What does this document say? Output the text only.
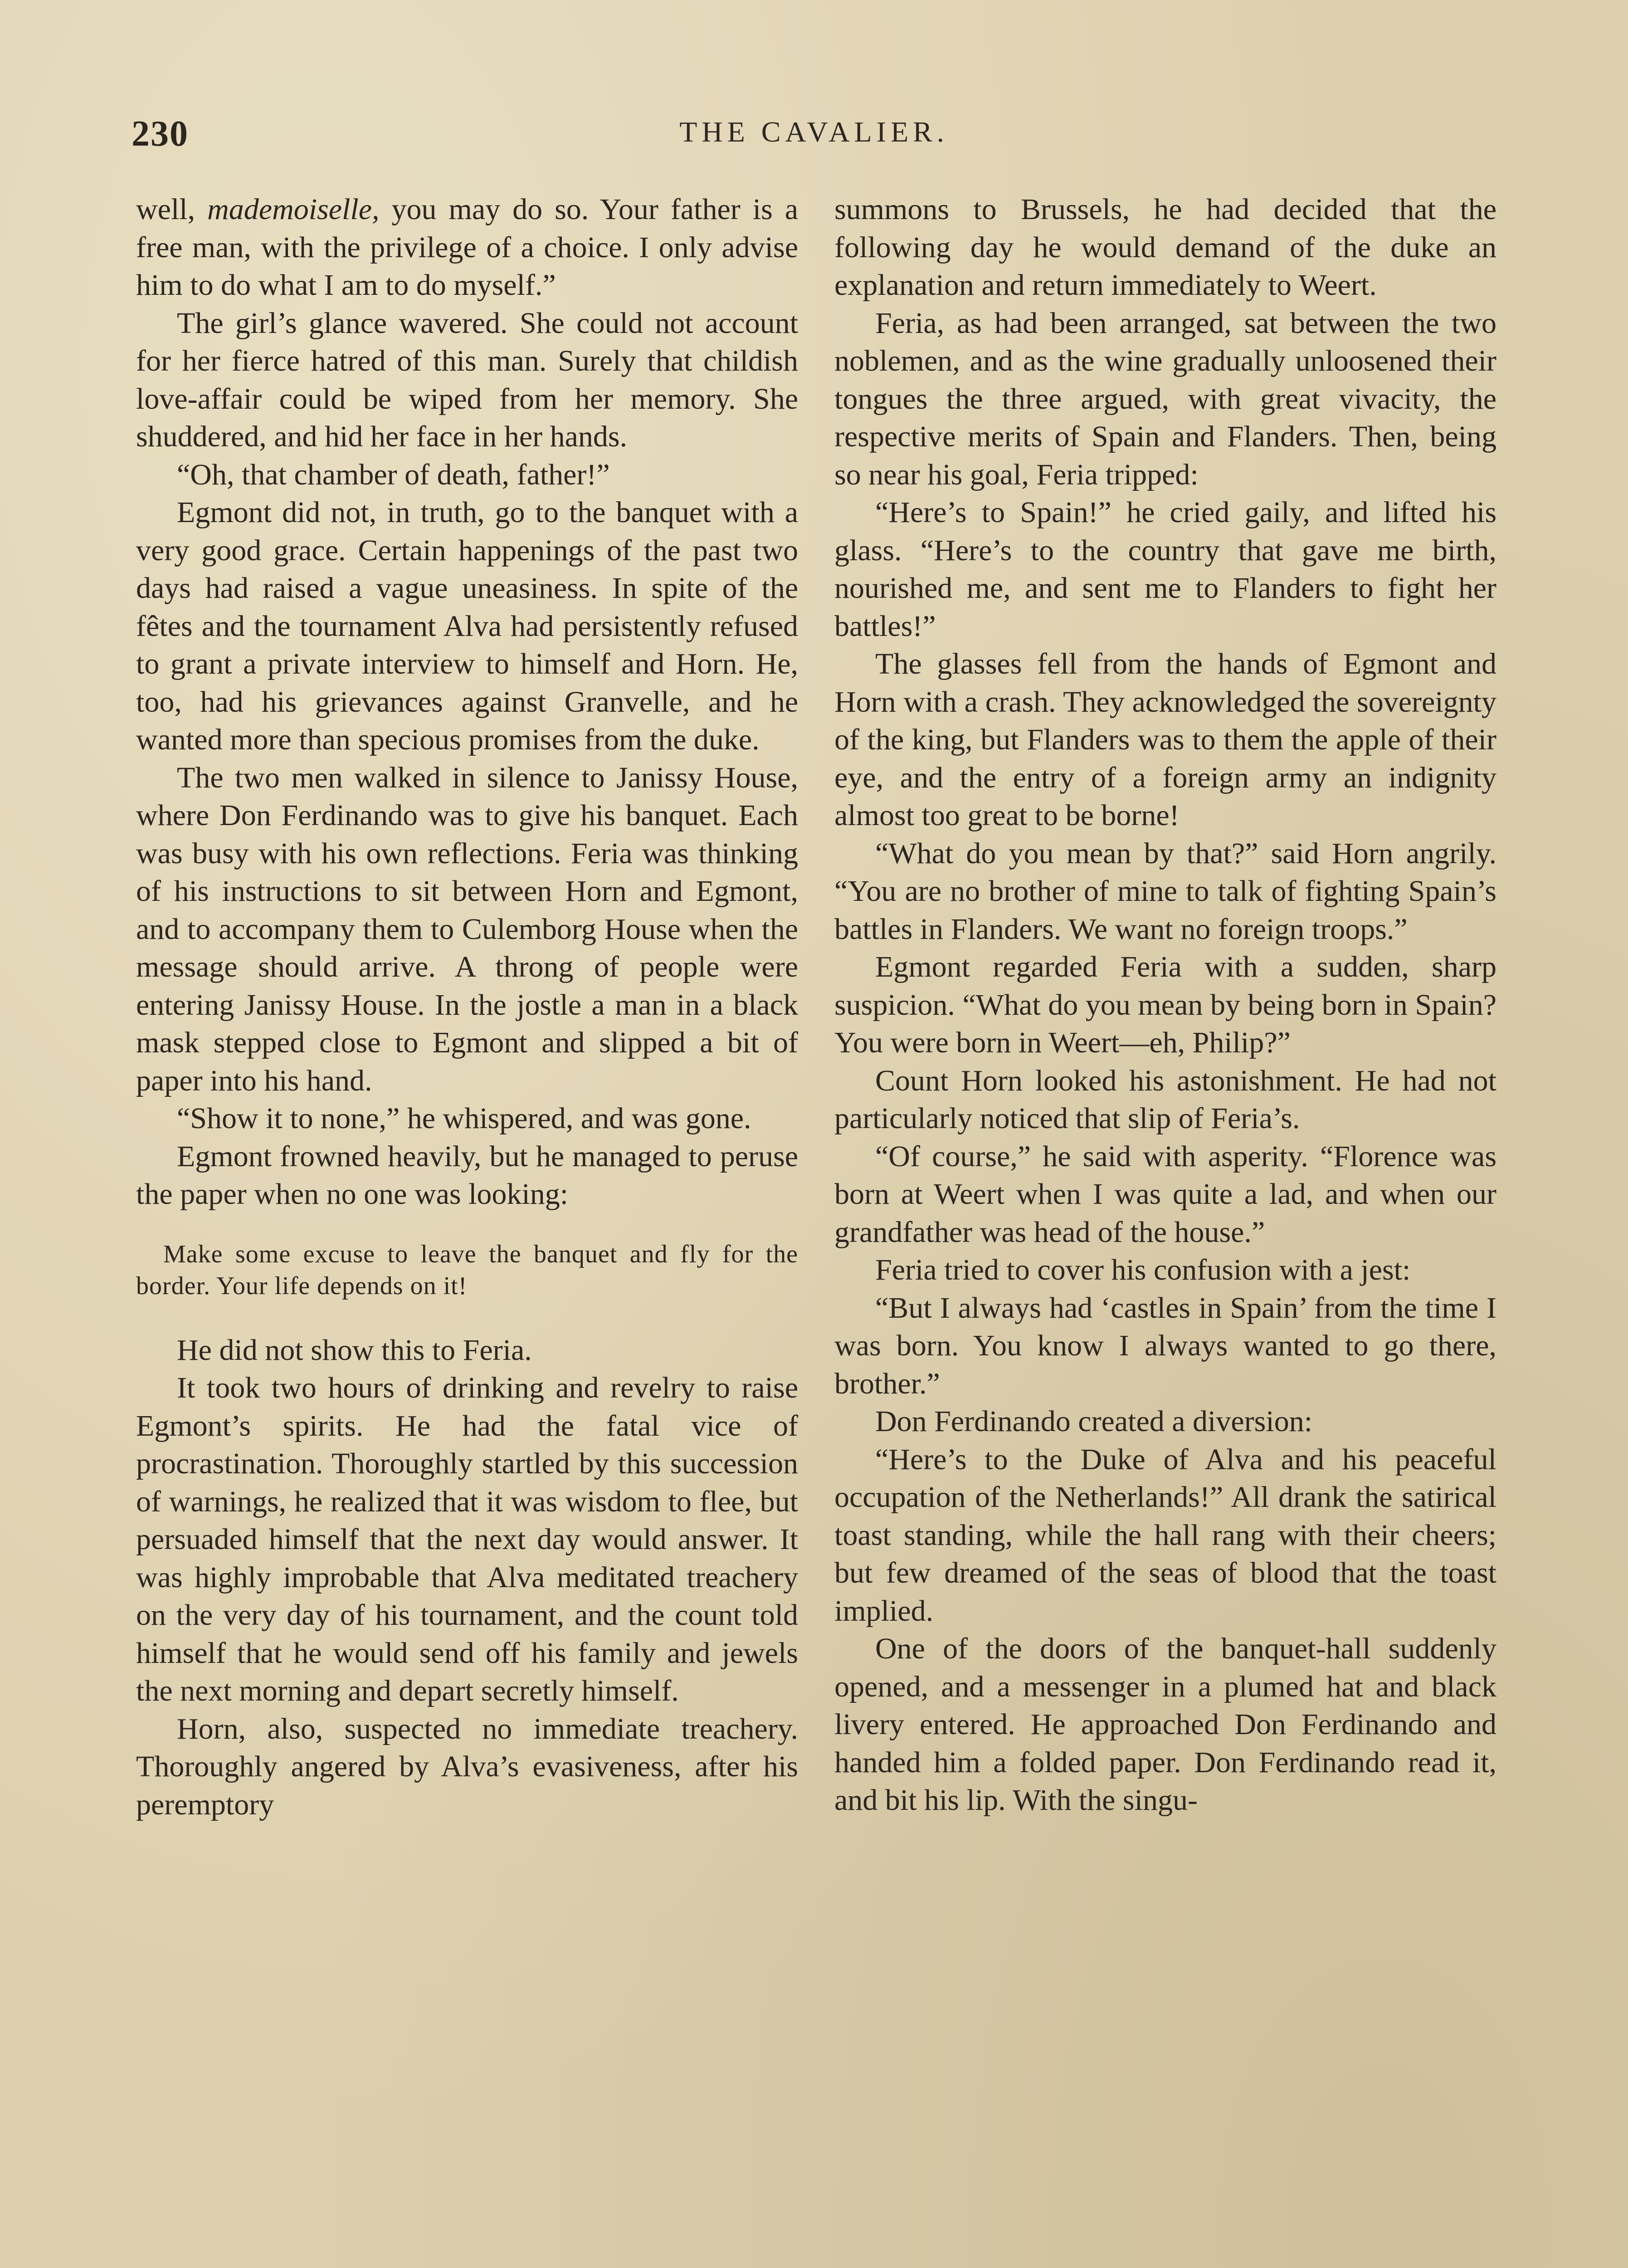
230	THE CAVALIER.

well, mademoiselle, you may do so. Your father is a free man, with the privilege of a choice. I only advise him to do what I am to do myself.”

The girl’s glance wavered. She could not account for her fierce hatred of this man. Surely that childish love-affair could be wiped from her memory. She shuddered, and hid her face in her hands.

“Oh, that chamber of death, father!”

Egmont did not, in truth, go to the banquet with a very good grace. Certain happenings of the past two days had raised a vague uneasiness. In spite of the fêtes and the tournament Alva had persistently refused to grant a private interview to himself and Horn. He, too, had his grievances against Granvelle, and he wanted more than specious promises from the duke.

The two men walked in silence to Janissy House, where Don Ferdinando was to give his banquet. Each was busy with his own reflections. Feria was thinking of his instructions to sit between Horn and Egmont, and to accompany them to Culemborg House when the message should arrive. A throng of people were entering Janissy House. In the jostle a man in a black mask stepped close to Egmont and slipped a bit of paper into his hand.

“Show it to none,” he whispered, and was gone.

Egmont frowned heavily, but he managed to peruse the paper when no one was looking:

Make some excuse to leave the banquet and fly for the border. Your life depends on it!

He did not show this to Feria.

It took two hours of drinking and revelry to raise Egmont’s spirits. He had the fatal vice of procrastination. Thoroughly startled by this succession of warnings, he realized that it was wisdom to flee, but persuaded himself that the next day would answer. It was highly improbable that Alva meditated treachery on the very day of his tournament, and the count told himself that he would send off his family and jewels the next morning and depart secretly himself.

Horn, also, suspected no immediate treachery. Thoroughly angered by Alva’s evasiveness, after his peremptory

summons to Brussels, he had decided that the following day he would demand of the duke an explanation and return immediately to Weert.

Feria, as had been arranged, sat between the two noblemen, and as the wine gradually unloosened their tongues the three argued, with great vivacity, the respective merits of Spain and Flanders. Then, being so near his goal, Feria tripped:

“Here’s to Spain!” he cried gaily, and lifted his glass. “Here’s to the country that gave me birth, nourished me, and sent me to Flanders to fight her battles!”

The glasses fell from the hands of Egmont and Horn with a crash. They acknowledged the sovereignty of the king, but Flanders was to them the apple of their eye, and the entry of a foreign army an indignity almost too great to be borne!

“What do you mean by that?” said Horn angrily. “You are no brother of mine to talk of fighting Spain’s battles in Flanders. We want no foreign troops.”

Egmont regarded Feria with a sudden, sharp suspicion. “What do you mean by being born in Spain? You were born in Weert—eh, Philip?”

Count Horn looked his astonishment. He had not particularly noticed that slip of Feria’s.

“Of course,” he said with asperity. “Florence was born at Weert when I was quite a lad, and when our grandfather was head of the house.”

Feria tried to cover his confusion with a jest:

“But I always had ‘castles in Spain’ from the time I was born. You know I always wanted to go there, brother.”

Don Ferdinando created a diversion:

“Here’s to the Duke of Alva and his peaceful occupation of the Netherlands!” All drank the satirical toast standing, while the hall rang with their cheers; but few dreamed of the seas of blood that the toast implied.

One of the doors of the banquet-hall suddenly opened, and a messenger in a plumed hat and black livery entered. He approached Don Ferdinando and handed him a folded paper. Don Ferdinando read it, and bit his lip. With the singu-
